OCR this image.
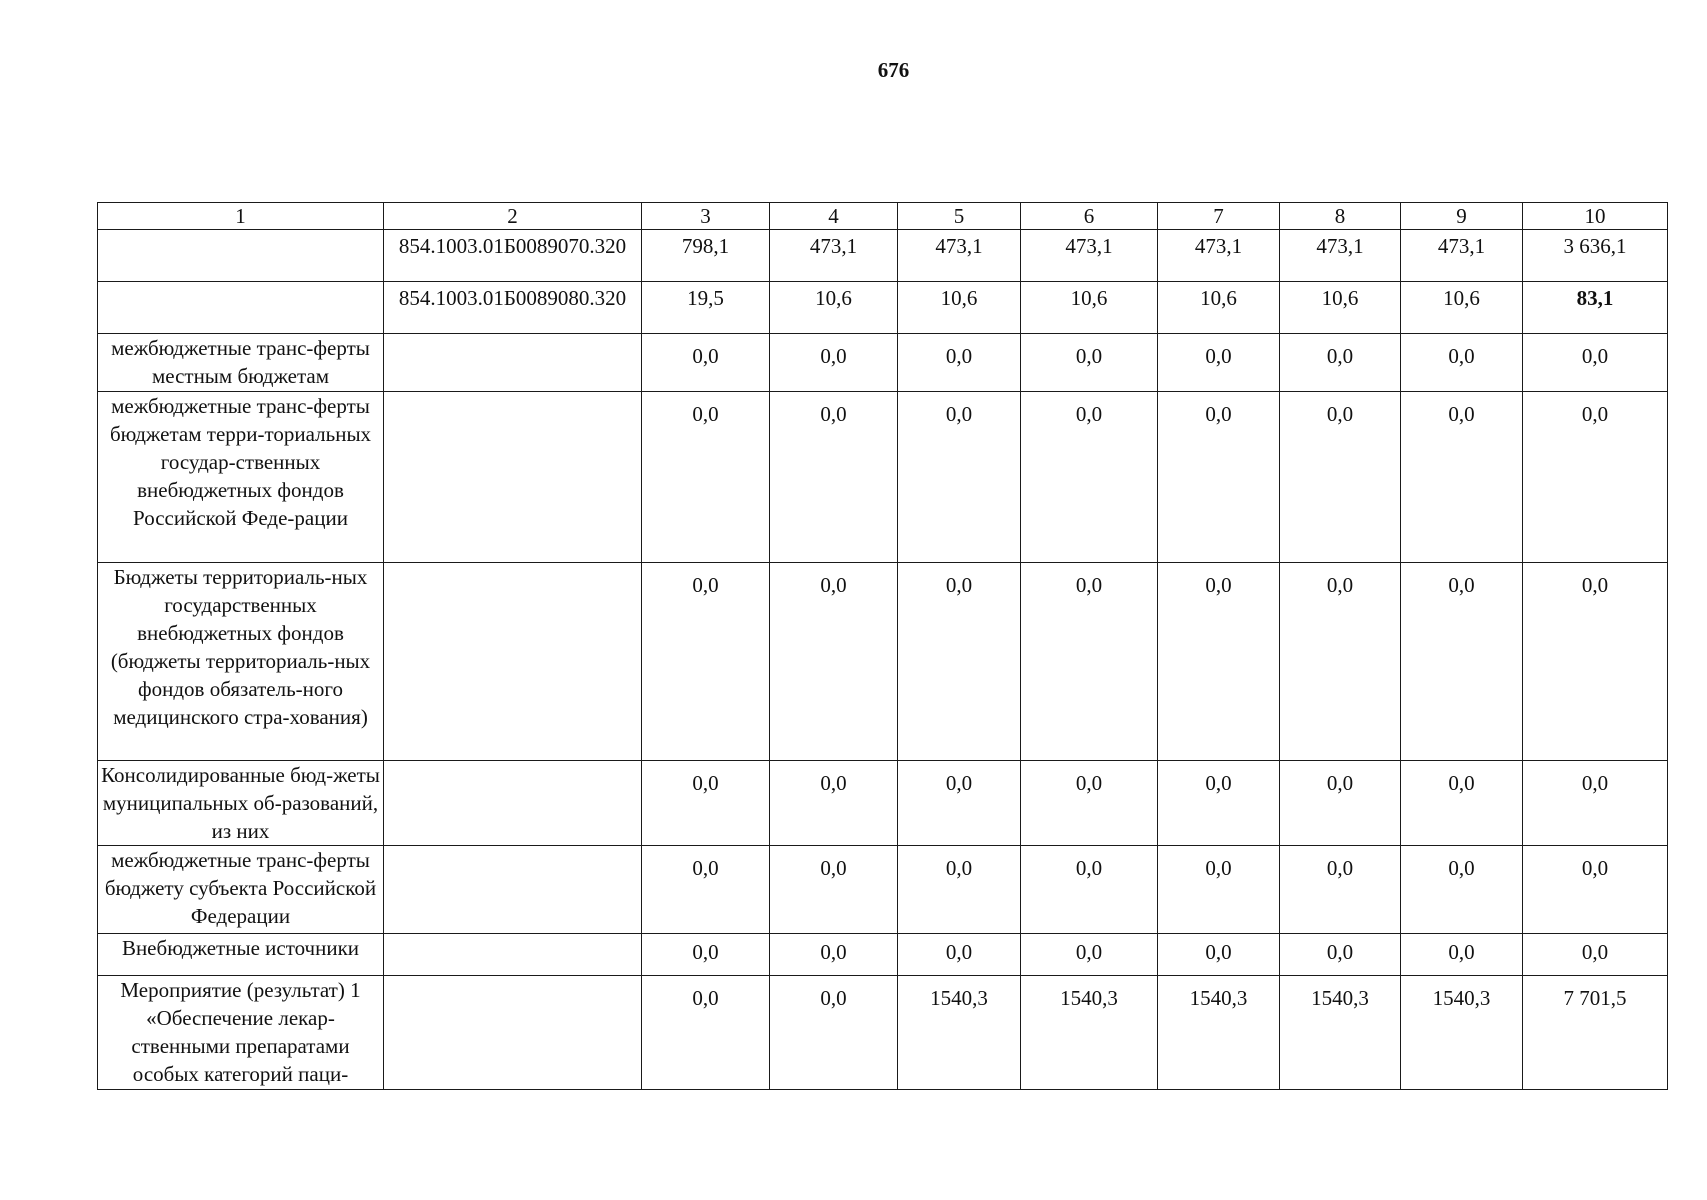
676
1	2	3	4	5	6	7	8	9	10
	854.1003.01Б0089070.320	798,1	473,1	473,1	473,1	473,1	473,1	473,1	3 636,1
	854.1003.01Б0089080.320	19,5	10,6	10,6	10,6	10,6	10,6	10,6	83,1
межбюджетные транс-ферты местным бюджетам		0,0	0,0	0,0	0,0	0,0	0,0	0,0	0,0
межбюджетные транс-ферты бюджетам терри-ториальных государ-ственных внебюджетных фондов Российской Феде-рации		0,0	0,0	0,0	0,0	0,0	0,0	0,0	0,0
Бюджеты территориаль-ных государственных внебюджетных фондов (бюджеты территориаль-ных фондов обязатель-ного медицинского стра-хования)		0,0	0,0	0,0	0,0	0,0	0,0	0,0	0,0
Консолидированные бюд-жеты муниципальных об-разований, из них		0,0	0,0	0,0	0,0	0,0	0,0	0,0	0,0
межбюджетные транс-ферты бюджету субъекта Российской Федерации		0,0	0,0	0,0	0,0	0,0	0,0	0,0	0,0
Внебюджетные источники		0,0	0,0	0,0	0,0	0,0	0,0	0,0	0,0
Мероприятие (результат) 1 «Обеспечение лекар-ственными препаратами особых категорий паци-		0,0	0,0	1540,3	1540,3	1540,3	1540,3	1540,3	7 701,5
